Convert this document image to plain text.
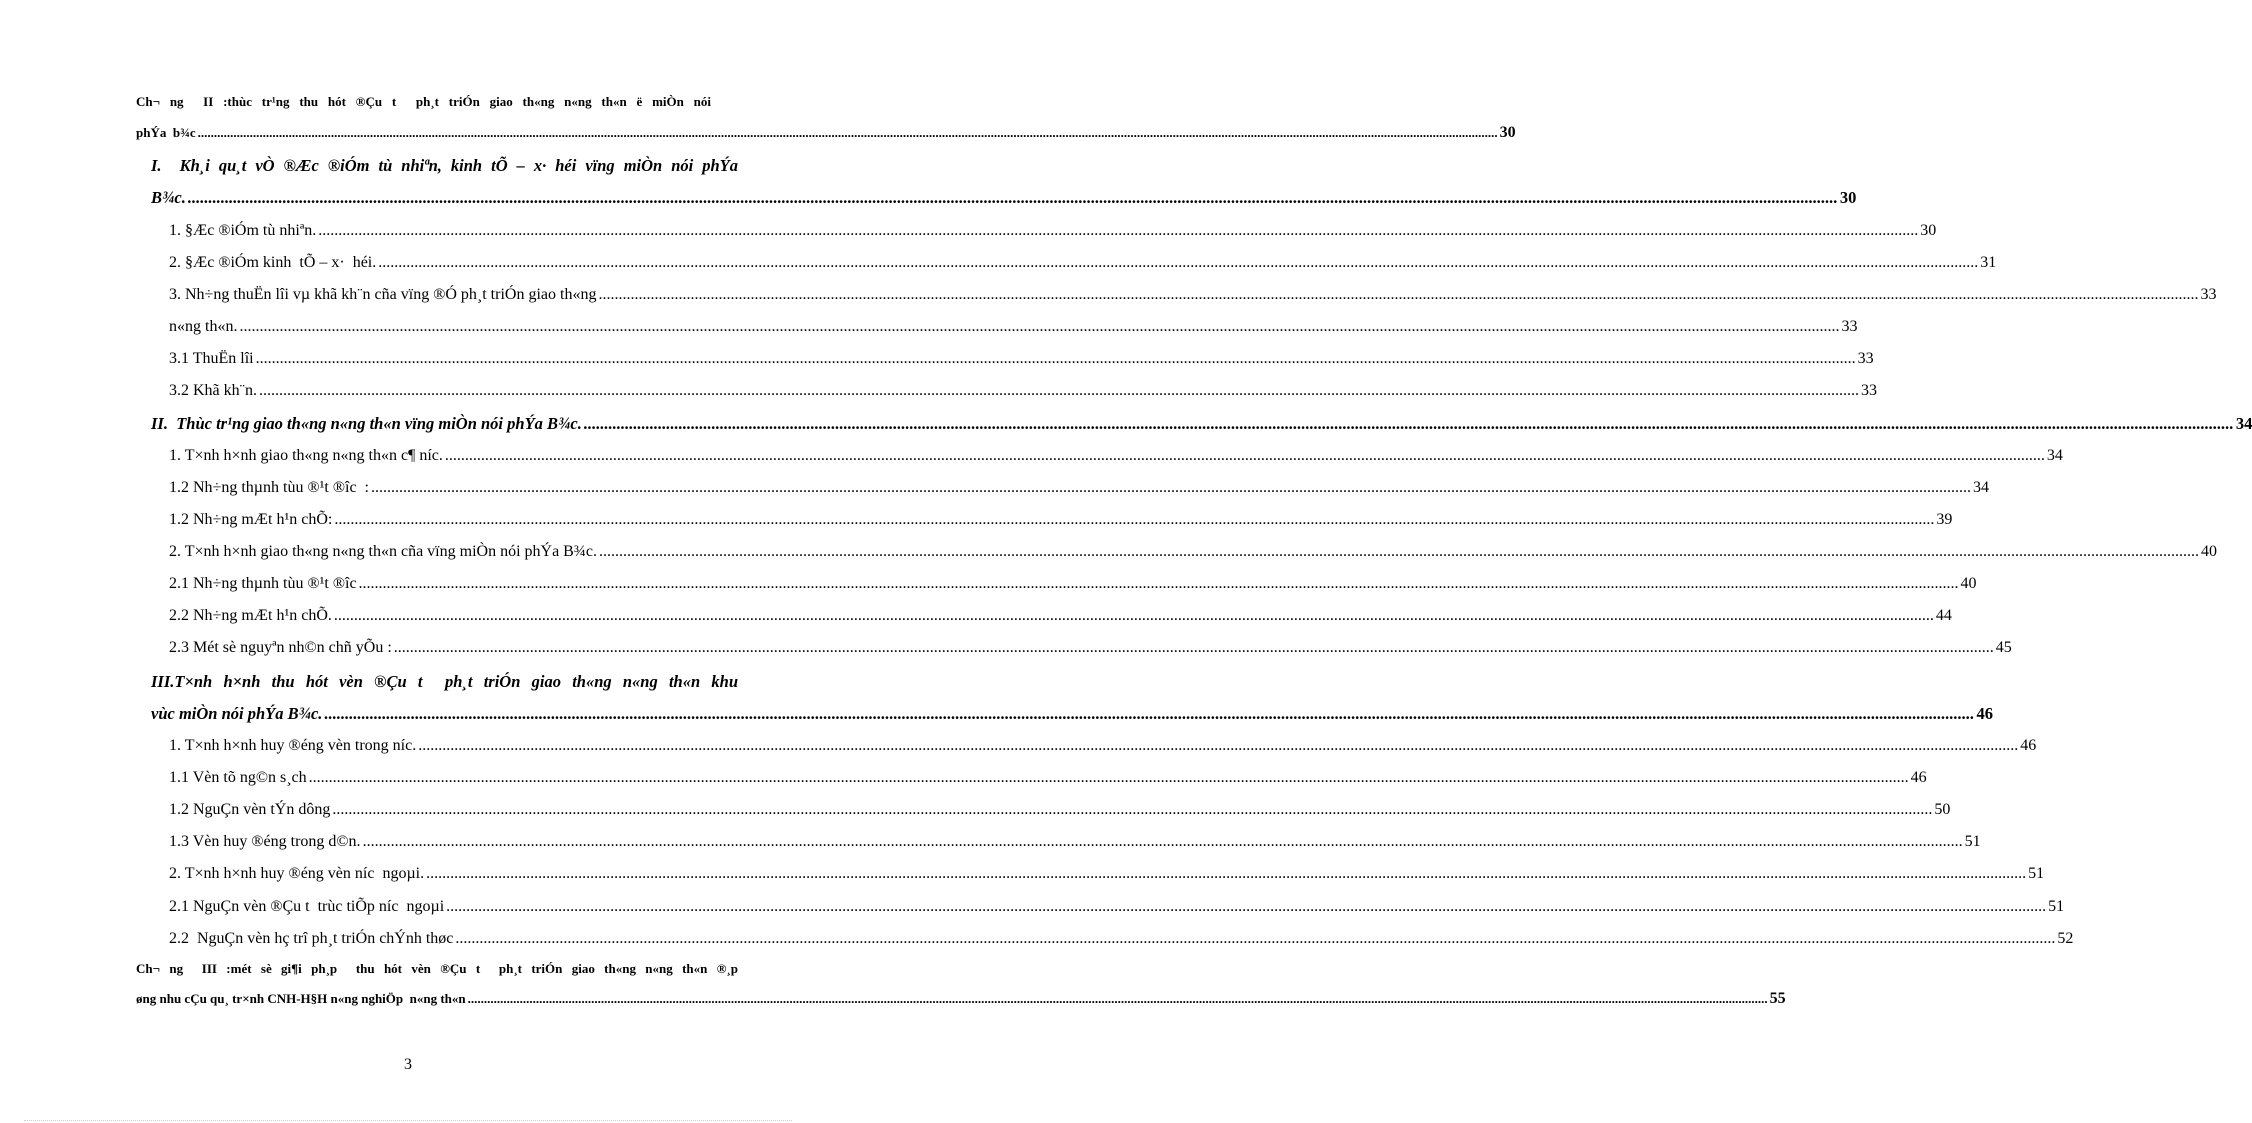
Ch¬ ng  II :thùc tr¹ng thu hót ®Çu t  ph¸t triÓn giao th«ng n«ng th«n ë miÒn nói
phÝa  b¾c ................................................................................................................................................................................................................................................................................................................................................................................................................ 30
I.  Kh¸i qu¸t vÒ ®Æc ®iÓm tù nhiªn, kinh tÕ – x· héi vïng miÒn nói phÝa
B¾c. ................................................................................................................................................................................................................................................................................................................................................................................................................ 30
1. §Æc ®iÓm tù nhiªn. ................................................................................................................................................................................................................................................................................................................................................................................................................ 30
2. §Æc ®iÓm kinh  tÕ – x·  héi. ................................................................................................................................................................................................................................................................................................................................................................................................................ 31
3. Nh÷ng thuËn lîi vµ khã kh¨n cña vïng ®Ó ph¸t triÓn giao th«ng ................................................................................................................................................................................................................................................................................................................................................................................................................ 33
n«ng th«n. ................................................................................................................................................................................................................................................................................................................................................................................................................ 33
3.1 ThuËn lîi ................................................................................................................................................................................................................................................................................................................................................................................................................ 33
3.2 Khã kh¨n. ................................................................................................................................................................................................................................................................................................................................................................................................................ 33
II.  Thùc tr¹ng giao th«ng n«ng th«n vïng miÒn nói phÝa B¾c. ................................................................................................................................................................................................................................................................................................................................................................................................................ 34
1. T×nh h×nh giao th«ng n«ng th«n c¶ níc. ................................................................................................................................................................................................................................................................................................................................................................................................................ 34
1.2 Nh÷ng thµnh tùu ®¹t ®îc  : ................................................................................................................................................................................................................................................................................................................................................................................................................ 34
1.2 Nh÷ng mÆt h¹n chÕ: ................................................................................................................................................................................................................................................................................................................................................................................................................ 39
2. T×nh h×nh giao th«ng n«ng th«n cña vïng miÒn nói phÝa B¾c. ................................................................................................................................................................................................................................................................................................................................................................................................................ 40
2.1 Nh÷ng thµnh tùu ®¹t ®îc ................................................................................................................................................................................................................................................................................................................................................................................................................ 40
2.2 Nh÷ng mÆt h¹n chÕ. ................................................................................................................................................................................................................................................................................................................................................................................................................ 44
2.3 Mét sè nguyªn nh©n chñ yÕu : ................................................................................................................................................................................................................................................................................................................................................................................................................ 45
III.T×nh h×nh thu hót vèn ®Çu t  ph¸t triÓn giao th«ng n«ng th«n khu
vùc miÒn nói phÝa B¾c. ................................................................................................................................................................................................................................................................................................................................................................................................................ 46
1. T×nh h×nh huy ®éng vèn trong níc. ................................................................................................................................................................................................................................................................................................................................................................................................................ 46
1.1 Vèn tõ ng©n s¸ch ................................................................................................................................................................................................................................................................................................................................................................................................................ 46
1.2 NguÇn vèn tÝn dông ................................................................................................................................................................................................................................................................................................................................................................................................................ 50
1.3 Vèn huy ®éng trong d©n. ................................................................................................................................................................................................................................................................................................................................................................................................................ 51
2. T×nh h×nh huy ®éng vèn níc  ngoµi. ................................................................................................................................................................................................................................................................................................................................................................................................................ 51
2.1 NguÇn vèn ®Çu t  trùc tiÕp níc  ngoµi ................................................................................................................................................................................................................................................................................................................................................................................................................ 51
2.2  NguÇn vèn hç trî ph¸t triÓn chÝnh thøc ................................................................................................................................................................................................................................................................................................................................................................................................................ 52
Ch¬ ng  III :mét sè gi¶i ph¸p  thu hót vèn ®Çu t  ph¸t triÓn giao th«ng n«ng th«n ®¸p
øng nhu cÇu qu¸ tr×nh CNH-H§H n«ng nghiÖp  n«ng th«n ................................................................................................................................................................................................................................................................................................................................................................................................................ 55
3
